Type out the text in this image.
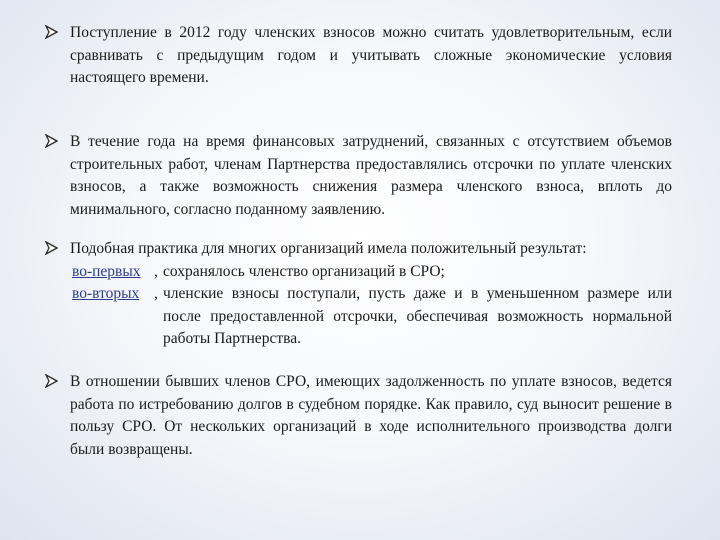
Поступление в 2012 году членских взносов можно считать удовлетворительным, если сравнивать с предыдущим годом и учитывать сложные экономические условия настоящего времени.
В течение года на время финансовых затруднений, связанных с отсутствием объемов строительных работ, членам Партнерства предоставлялись отсрочки по уплате членских взносов, а также возможность снижения размера членского взноса, вплоть до минимального, согласно поданному заявлению.
Подобная практика для многих организаций имела положительный результат:
во-первых , сохранялось членство организаций в СРО;
во-вторых , членские взносы поступали, пусть даже и в уменьшенном размере или после предоставленной отсрочки, обеспечивая возможность нормальной работы Партнерства.
В отношении бывших членов СРО, имеющих задолженность по уплате взносов, ведется работа по истребованию долгов в судебном порядке. Как правило, суд выносит решение в пользу СРО. От нескольких организаций в ходе исполнительного производства долги были возвращены.
